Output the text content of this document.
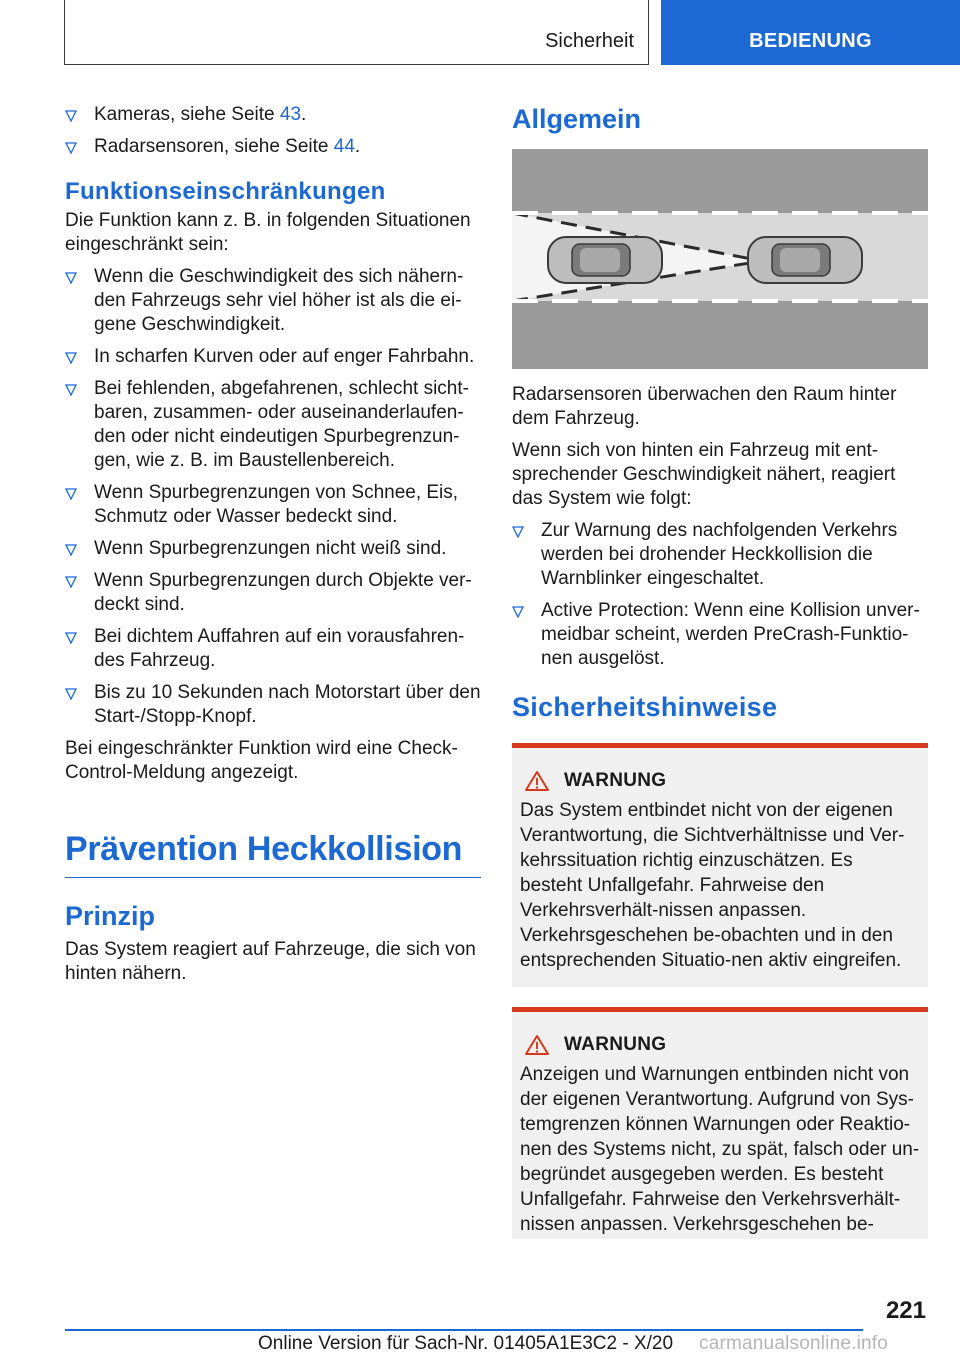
Sicherheit	BEDIENUNG
Kameras, siehe Seite 43.
Radarsensoren, siehe Seite 44.
Funktionseinschränkungen

Die Funktion kann z. B. in folgenden Situationen eingeschränkt sein:

Wenn die Geschwindigkeit des sich nähern-den Fahrzeugs sehr viel höher ist als die ei-gene Geschwindigkeit.
In scharfen Kurven oder auf enger Fahrbahn.
Bei fehlenden, abgefahrenen, schlecht sicht-baren, zusammen- oder auseinanderlaufen-den oder nicht eindeutigen Spurbegrenzun-gen, wie z. B. im Baustellenbereich.
Wenn Spurbegrenzungen von Schnee, Eis, Schmutz oder Wasser bedeckt sind.
Wenn Spurbegrenzungen nicht weiß sind.
Wenn Spurbegrenzungen durch Objekte ver-deckt sind.
Bei dichtem Auffahren auf ein vorausfahren-des Fahrzeug.
Bis zu 10 Sekunden nach Motorstart über den Start-/Stopp-Knopf.

Bei eingeschränkter Funktion wird eine Check-Control-Meldung angezeigt.

Prävention Heckkollision
Prinzip

Das System reagiert auf Fahrzeuge, die sich von hinten nähern.

Allgemein

Radarsensoren überwachen den Raum hinter dem Fahrzeug.

Wenn sich von hinten ein Fahrzeug mit ent-sprechender Geschwindigkeit nähert, reagiert das System wie folgt:

Zur Warnung des nachfolgenden Verkehrs werden bei drohender Heckkollision die Warnblinker eingeschaltet.
Active Protection: Wenn eine Kollision unver-meidbar scheint, werden PreCrash-Funktio-nen ausgelöst.
Sicherheitshinweise
WARNUNG

Das System entbindet nicht von der eigenen Verantwortung, die Sichtverhältnisse und Ver-kehrssituation richtig einzuschätzen. Es besteht Unfallgefahr. Fahrweise den Verkehrsverhält-nissen anpassen. Verkehrsgeschehen be-obachten und in den entsprechenden Situatio-nen aktiv eingreifen.

WARNUNG

Anzeigen und Warnungen entbinden nicht von der eigenen Verantwortung. Aufgrund von Sys-temgrenzen können Warnungen oder Reaktio-nen des Systems nicht, zu spät, falsch oder un-begründet ausgegeben werden. Es besteht Unfallgefahr. Fahrweise den Verkehrsverhält-nissen anpassen. Verkehrsgeschehen be-

221
Online Version für Sach-Nr. 01405A1E3C2 - X/20 carmanualsonline.info
